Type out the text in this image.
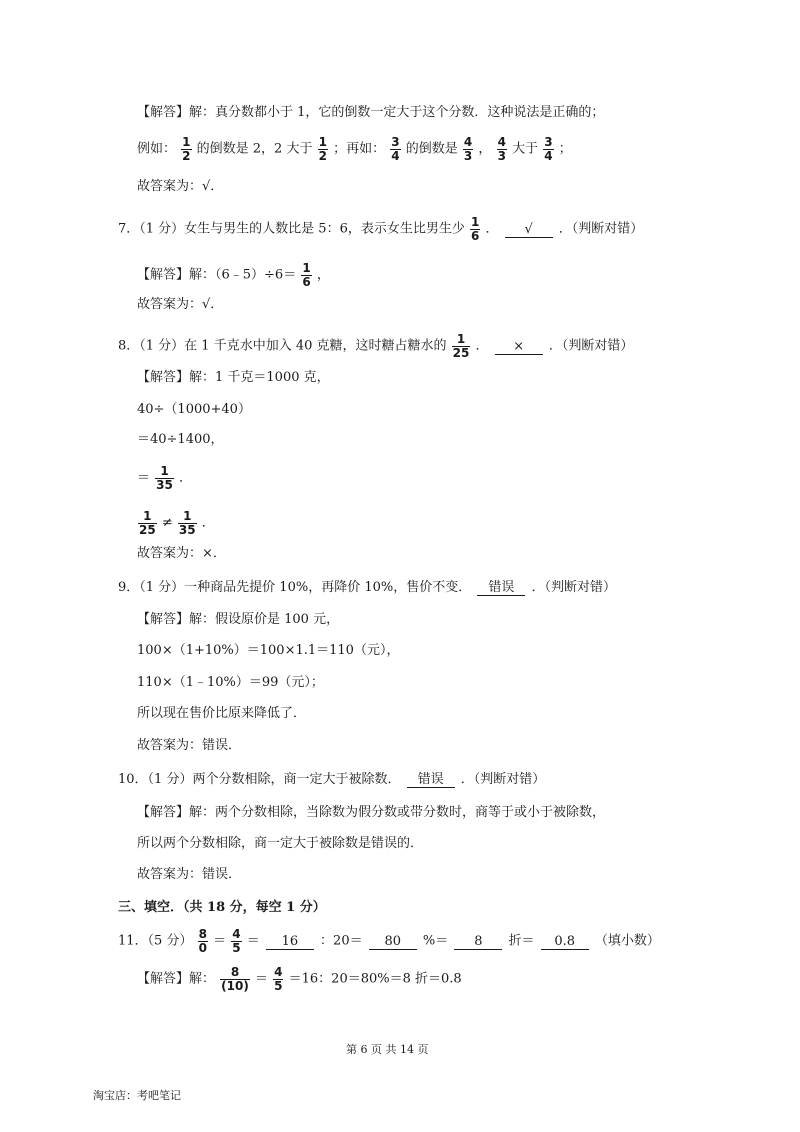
【解答】解：真分数都小于 1，它的倒数一定大于这个分数．这种说法是正确的；
例如： $\frac{1}{2}$ 的倒数是 2，2 大于 $\frac{1}{2}$ ；再如： $\frac{3}{4}$ 的倒数是 $\frac{4}{3}$ ， $\frac{4}{3}$ 大于 $\frac{3}{4}$ ；
故答案为：√．
7．（1 分）女生与男生的人数比是 5：6，表示女生比男生少 $\frac{1}{6}$ ． √ ．（判断对错）
【解答】解：（6﹣5）÷6＝ $\frac{1}{6}$ ，
故答案为：√．
8．（1 分）在 1 千克水中加入 40 克糖，这时糖占糖水的 $\frac{1}{25}$ ． × ．（判断对错）
【解答】解：1 千克＝1000 克，
40÷（1000+40）
＝40÷1400，
＝ $\frac{1}{35}$ ．
$\frac{1}{25} \ne \frac{1}{35}$ ．
故答案为：×．
9．（1 分）一种商品先提价 10%，再降价 10%，售价不变． 错误 ．（判断对错）
【解答】解：假设原价是 100 元，
100×（1+10%）＝100×1.1＝110（元），
110×（1﹣10%）＝99（元）；
所以现在售价比原来降低了．
故答案为：错误．
10．（1 分）两个分数相除，商一定大于被除数． 错误 ．（判断对错）
【解答】解：两个分数相除，当除数为假分数或带分数时，商等于或小于被除数，
所以两个分数相除，商一定大于被除数是错误的．
故答案为：错误．
三、填空．（共 18 分，每空 1 分）
11．（5 分） $\frac{8}{0} = \frac{4}{5} = 16$ ：20＝ 80 %＝ 8 折＝ 0.8 （填小数）
【解答】解： $\frac{8}{(10)} = \frac{4}{5} =16$：20＝80%＝8 折＝0.8
第 6 页 共 14 页
淘宝店：考吧笔记
